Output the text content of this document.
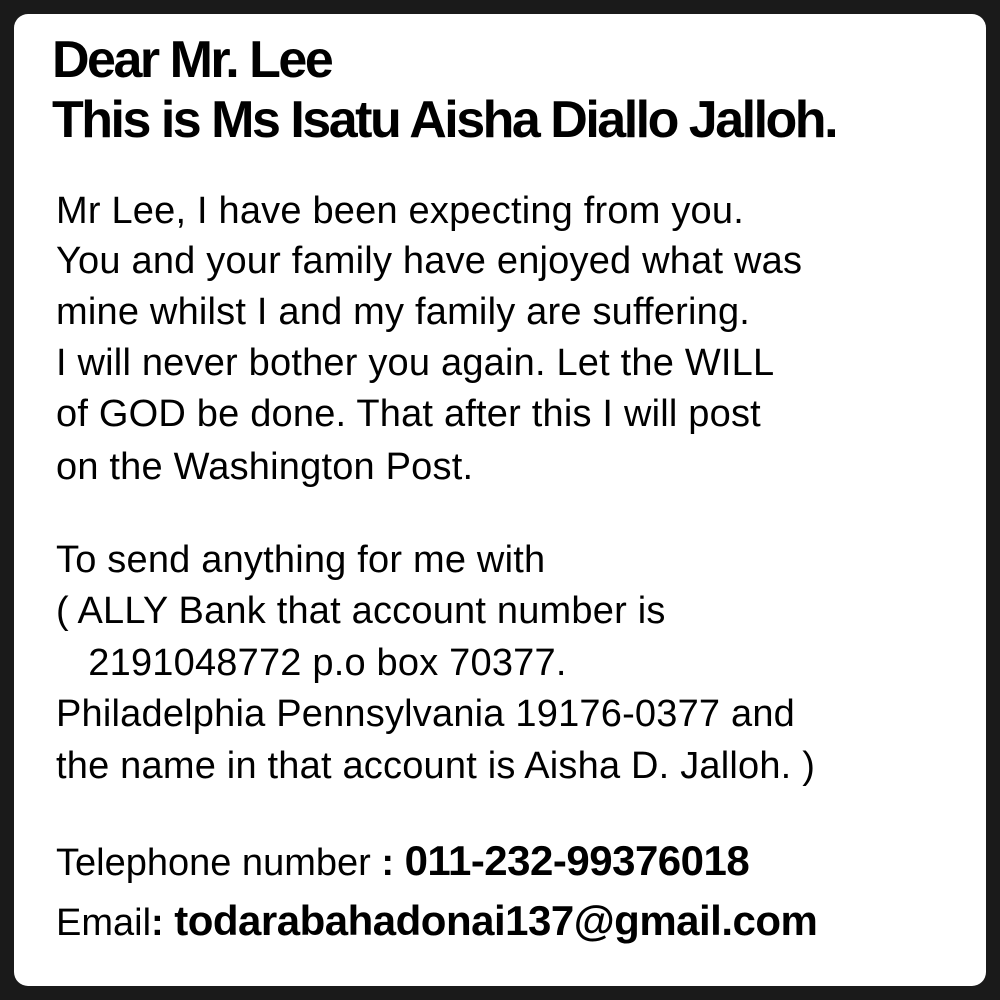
Dear Mr. Lee
This is Ms Isatu Aisha Diallo Jalloh.
Mr Lee, I have been expecting from you.
You and your family have enjoyed what was
mine whilst I and my family are suffering.
I will never bother you again. Let the WILL
of GOD be done. That after this I will post
on the Washington Post.
To send anything for me with
( ALLY Bank that account number is
2191048772 p.o box 70377.
Philadelphia Pennsylvania 19176-0377 and
the name in that account is Aisha D. Jalloh. )
Telephone number : 011-232-99376018
Email: todarabahadonai137@gmail.com
